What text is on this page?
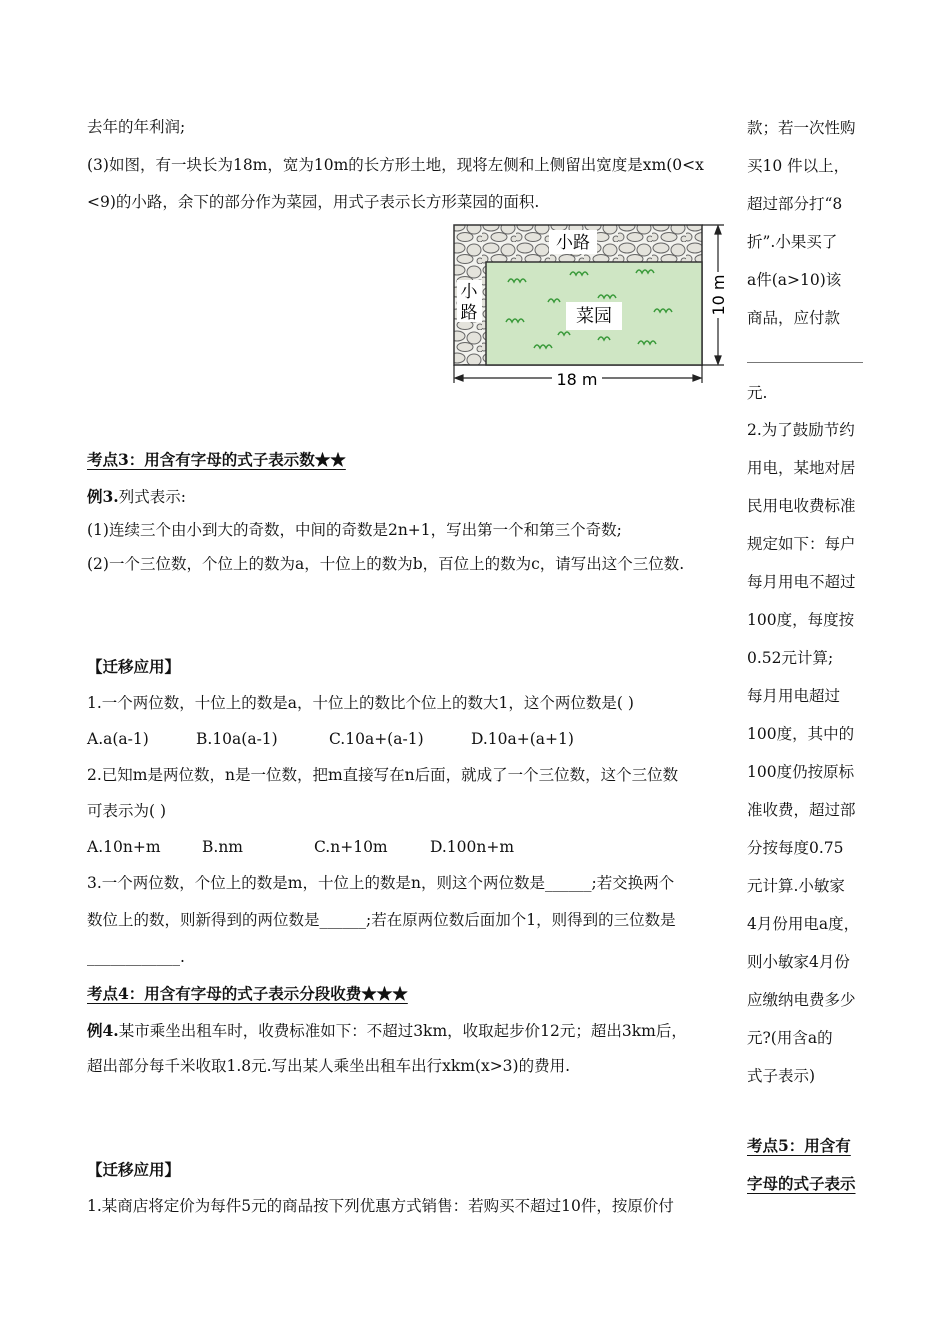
去年的年利润;
(3)如图，有一块长为18m，宽为10m的长方形土地，现将左侧和上侧留出宽度是xm(0<x
<9)的小路，余下的部分作为菜园，用式子表示长方形菜园的面积.
小路
小
路	菜园
10 m
18 m
考点3：用含有字母的式子表示数★★
例3.列式表示:
(1)连续三个由小到大的奇数，中间的奇数是2n+1，写出第一个和第三个奇数;
(2)一个三位数，个位上的数为a，十位上的数为b，百位上的数为c，请写出这个三位数.
【迁移应用】
1.一个两位数，十位上的数是a，十位上的数比个位上的数大1，这个两位数是( )
A.a(a-1)	B.10a(a-1)	C.10a+(a-1)	D.10a+(a+1)
2.已知m是两位数，n是一位数，把m直接写在n后面，就成了一个三位数，这个三位数
可表示为( )
A.10n+m	B.nm	C.n+10m	D.100n+m
3.一个两位数，个位上的数是m，十位上的数是n，则这个两位数是______;若交换两个
数位上的数，则新得到的两位数是______;若在原两位数后面加个1，则得到的三位数是
____________.
考点4：用含有字母的式子表示分段收费★★★
例4.某市乘坐出租车时，收费标准如下：不超过3km，收取起步价12元；超出3km后，
超出部分每千米收取1.8元.写出某人乘坐出租车出行xkm(x>3)的费用.
【迁移应用】
1.某商店将定价为每件5元的商品按下列优惠方式销售：若购买不超过10件，按原价付
款；若一次性购
买10 件以上，
超过部分打“8
折”.小果买了
a件(a>10)该
商品，应付款
元.
2.为了鼓励节约
用电，某地对居
民用电收费标准
规定如下：每户
每月用电不超过
100度，每度按
0.52元计算;
每月用电超过
100度，其中的
100度仍按原标
准收费，超过部
分按每度0.75
元计算.小敏家
4月份用电a度，
则小敏家4月份
应缴纳电费多少
元?(用含a的
式子表示)
考点5：用含有
字母的式子表示
